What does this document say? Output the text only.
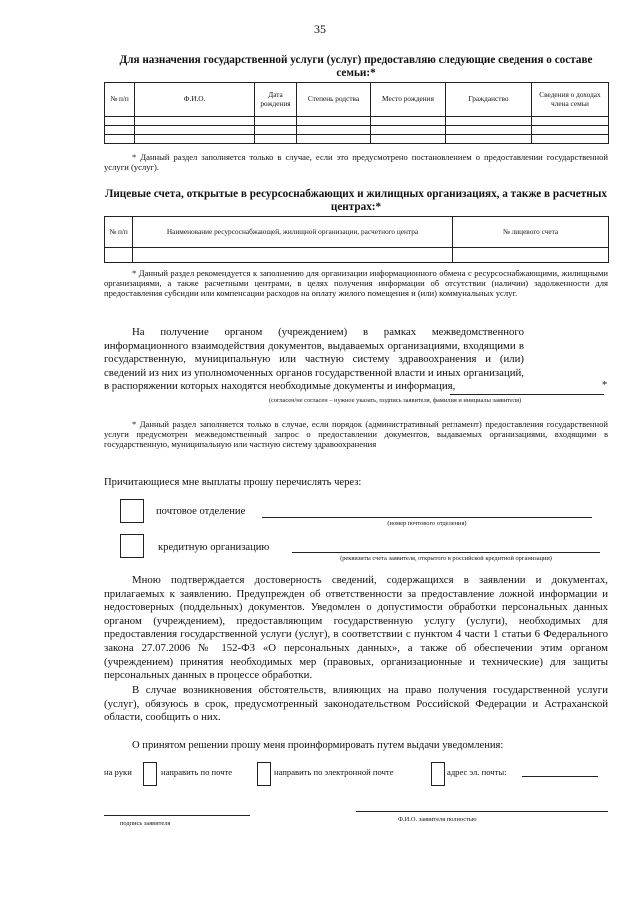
35
Для назначения государственной услуги (услуг) предоставляю следующие сведения о составе семьи:*
№ п/п	Ф.И.О.	Дата рождения	Степень родства	Место рождения	Гражданство	Сведения о доходах члена семьи

* Данный раздел заполняется только в случае, если это предусмотрено постановлением о предоставлении государственной услуги (услуг).
Лицевые счета, открытые в ресурсоснабжающих и жилищных организациях, а также в расчетных центрах:*
№ п/п	Наименование ресурсоснабжающей, жилищной организации, расчетного центра	№ лицевого счета

* Данный раздел рекомендуется к заполнению для организации информационного обмена с ресурсоснабжающими, жилищными организациями, а также расчетными центрами, в целях получения информации об отсутствии (наличии) задолженности для предоставления субсидии или компенсации расходов на оплату жилого помещения и (или) коммунальных услуг.
На получение органом (учреждением) в рамках межведомственного информационного взаимодействия документов, выдаваемых организациями, входящими в государственную, муниципальную или частную систему здравоохранения и (или) сведений из них из уполномоченных органов государственной власти и иных организаций, в распоряжении которых находятся необходимые документы и информация,	*
(согласен/не согласен – нужное указать, подпись заявителя, фамилия и инициалы заявителя)
* Данный раздел заполняется только в случае, если порядок (административный регламент) предоставления государственной услуги предусмотрен межведомственный запрос о предоставлении документов, выдаваемых организациями, входящими в государственную, муниципальную или частную систему здравоохранения
Причитающиеся мне выплаты прошу перечислять через:
почтовое отделение
(номер почтового отделения)
кредитную организацию
(реквизиты счета заявителя, открытого в российской кредитной организации)
Мною подтверждается достоверность сведений, содержащихся в заявлении и документах, прилагаемых к заявлению. Предупрежден об ответственности за предоставление ложной информации и недостоверных (поддельных) документов. Уведомлен о допустимости обработки персональных данных органом (учреждением), предоставляющим государственную услугу (услуги), необходимых для предоставления государственной услуги (услуг), в соответствии с пунктом 4 части 1 статьи 6 Федерального закона 27.07.2006 № 152-ФЗ «О персональных данных», а также об обеспечении этим органом (учреждением) принятия необходимых мер (правовых, организационные и технические) для защиты персональных данных в процессе обработки.
В случае возникновения обстоятельств, влияющих на право получения государственной услуги (услуг), обязуюсь в срок, предусмотренный законодательством Российской Федерации и Астраханской области, сообщить о них.
О принятом решении прошу меня проинформировать путем выдачи уведомления:
на руки	направить по почте	направить по электронной почте	адрес эл. почты:
подпись заявителя
Ф.И.О. заявителя полностью
